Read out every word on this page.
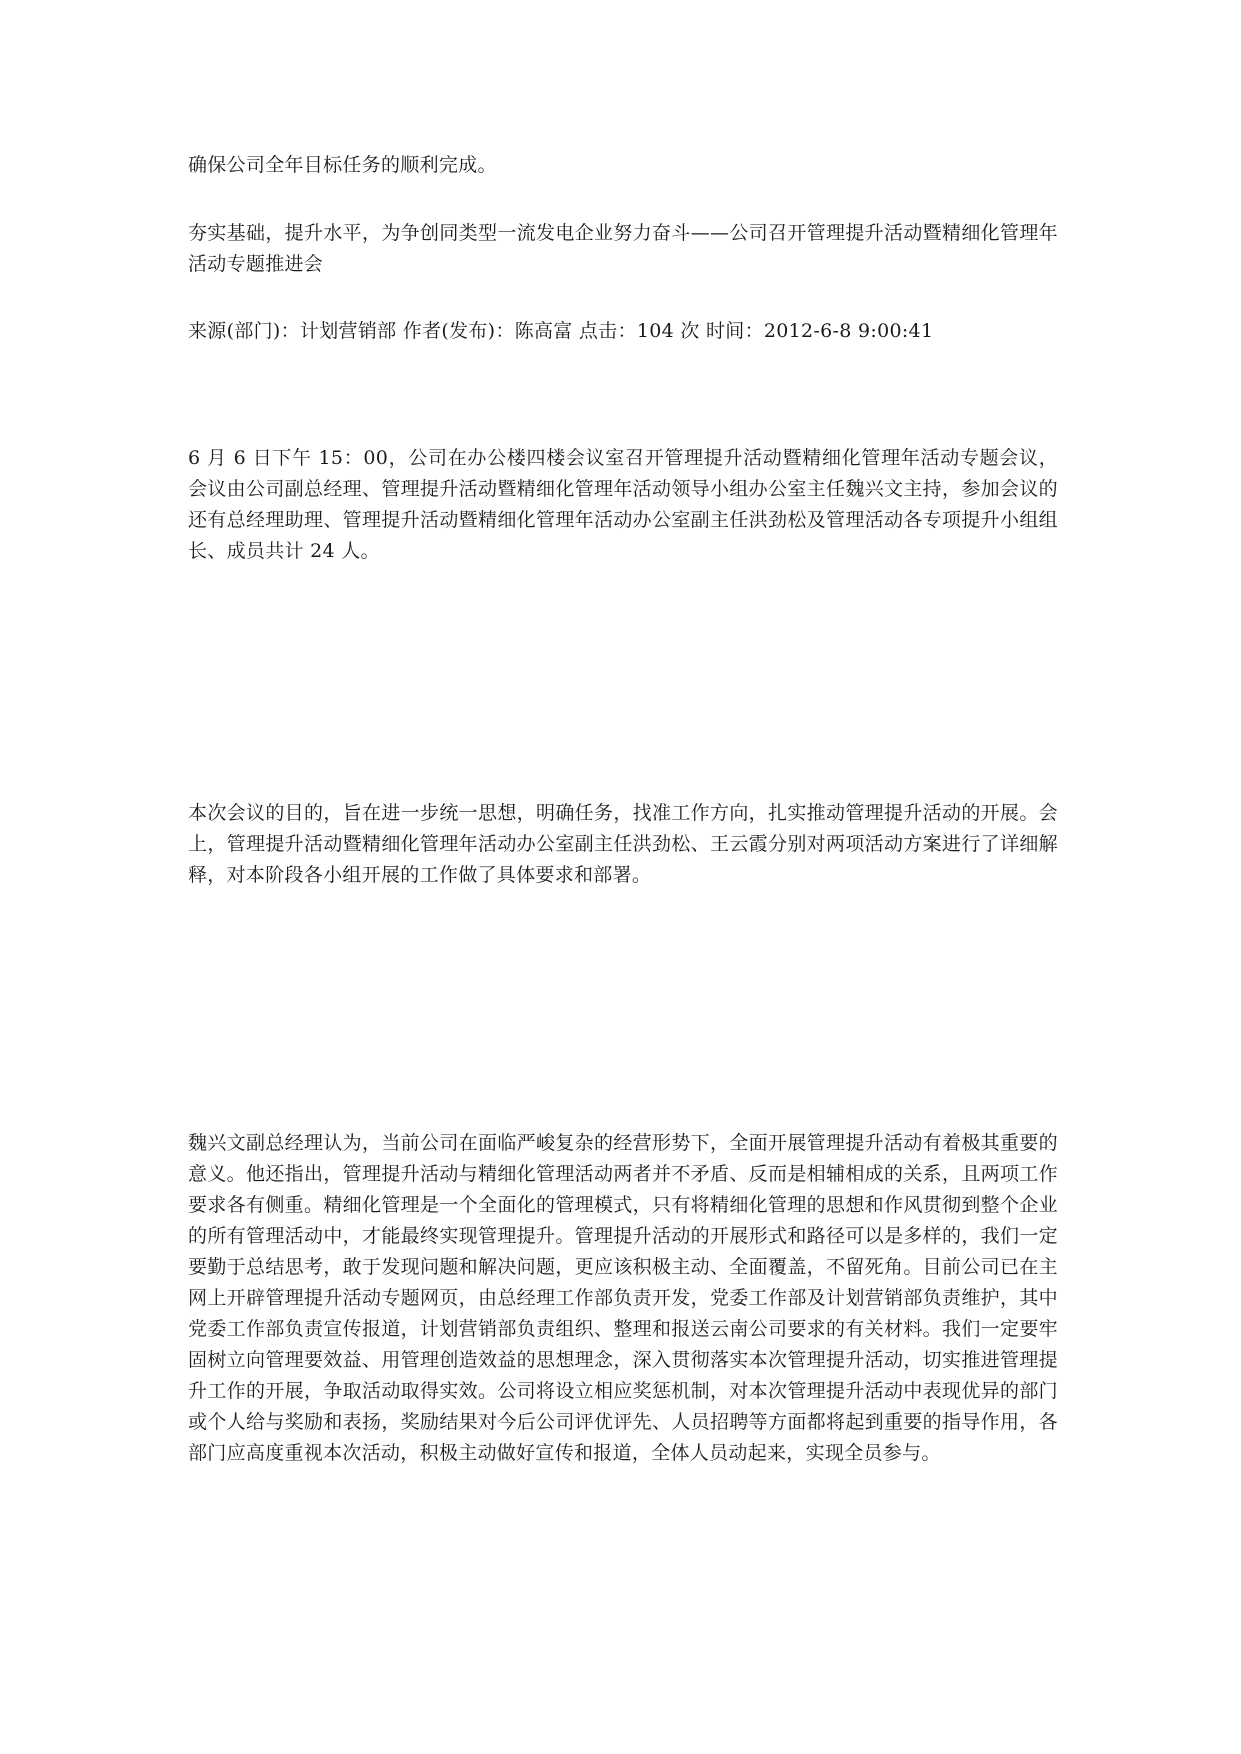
确保公司全年目标任务的顺利完成。

夯实基础，提升水平，为争创同类型一流发电企业努力奋斗——公司召开管理提升活动暨精细化管理年活动专题推进会

来源(部门)：计划营销部 作者(发布)：陈高富 点击：104 次 时间：2012-6-8 9:00:41

6 月 6 日下午 15：00，公司在办公楼四楼会议室召开管理提升活动暨精细化管理年活动专题会议，会议由公司副总经理、管理提升活动暨精细化管理年活动领导小组办公室主任魏兴文主持，参加会议的还有总经理助理、管理提升活动暨精细化管理年活动办公室副主任洪劲松及管理活动各专项提升小组组长、成员共计 24 人。

本次会议的目的，旨在进一步统一思想，明确任务，找准工作方向，扎实推动管理提升活动的开展。会上，管理提升活动暨精细化管理年活动办公室副主任洪劲松、王云霞分别对两项活动方案进行了详细解释，对本阶段各小组开展的工作做了具体要求和部署。

魏兴文副总经理认为，当前公司在面临严峻复杂的经营形势下，全面开展管理提升活动有着极其重要的意义。他还指出，管理提升活动与精细化管理活动两者并不矛盾、反而是相辅相成的关系，且两项工作要求各有侧重。精细化管理是一个全面化的管理模式，只有将精细化管理的思想和作风贯彻到整个企业的所有管理活动中，才能最终实现管理提升。管理提升活动的开展形式和路径可以是多样的，我们一定要勤于总结思考，敢于发现问题和解决问题，更应该积极主动、全面覆盖，不留死角。目前公司已在主网上开辟管理提升活动专题网页，由总经理工作部负责开发，党委工作部及计划营销部负责维护，其中党委工作部负责宣传报道，计划营销部负责组织、整理和报送云南公司要求的有关材料。我们一定要牢固树立向管理要效益、用管理创造效益的思想理念，深入贯彻落实本次管理提升活动，切实推进管理提升工作的开展，争取活动取得实效。公司将设立相应奖惩机制，对本次管理提升活动中表现优异的部门或个人给与奖励和表扬，奖励结果对今后公司评优评先、人员招聘等方面都将起到重要的指导作用，各部门应高度重视本次活动，积极主动做好宣传和报道，全体人员动起来，实现全员参与。
